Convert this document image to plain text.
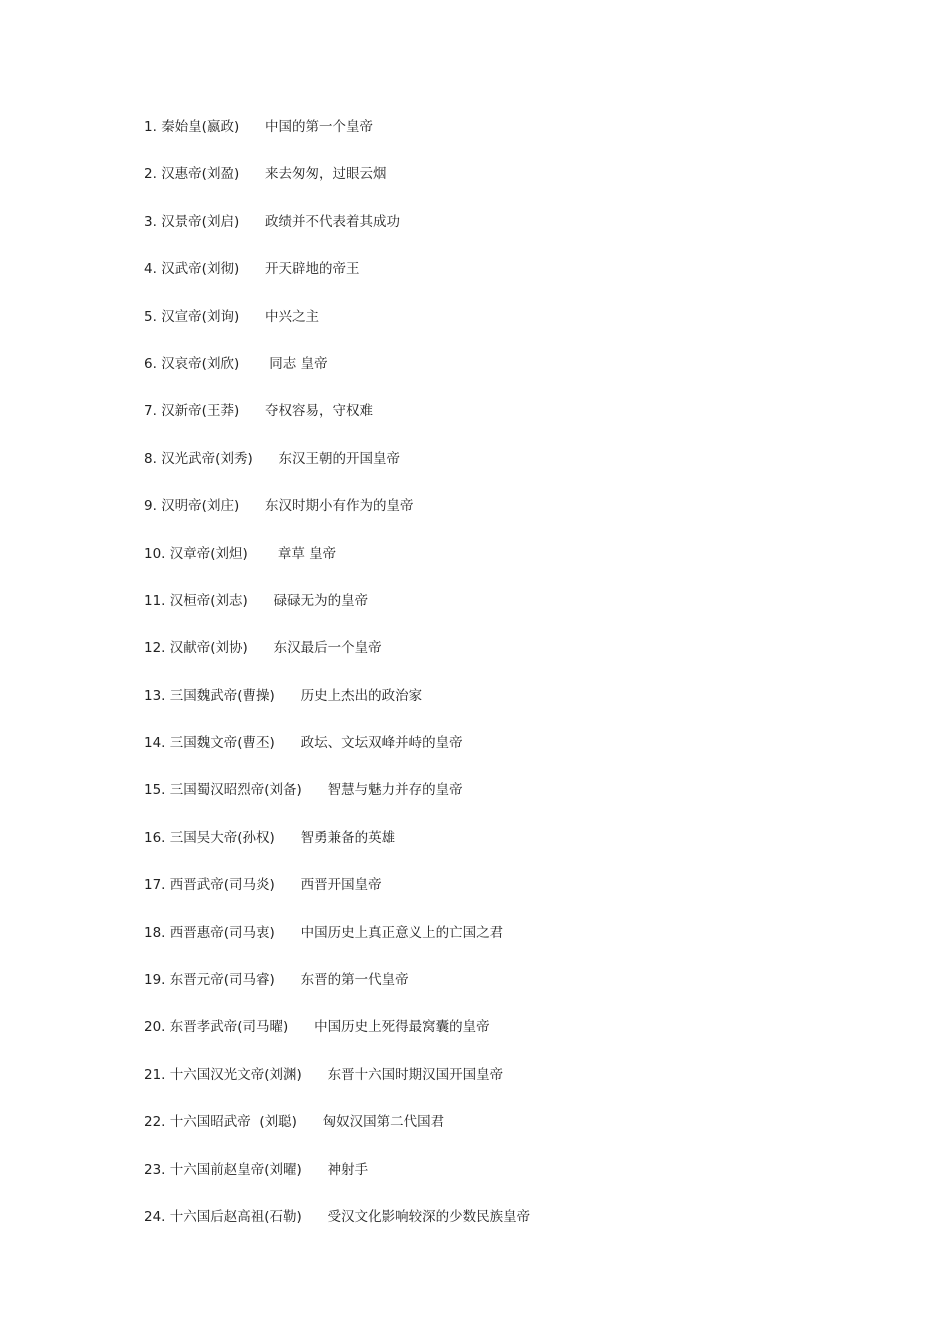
1. 秦始皇(嬴政) 中国的第一个皇帝
2. 汉惠帝(刘盈) 来去匆匆，过眼云烟
3. 汉景帝(刘启) 政绩并不代表着其成功
4. 汉武帝(刘彻) 开天辟地的帝王
5. 汉宣帝(刘询) 中兴之主
6. 汉哀帝(刘欣)       同志 皇帝
7. 汉新帝(王莽) 夺权容易，守权难
8. 汉光武帝(刘秀) 东汉王朝的开国皇帝
9. 汉明帝(刘庄) 东汉时期小有作为的皇帝
10. 汉章帝(刘炟)       章草 皇帝
11. 汉桓帝(刘志) 碌碌无为的皇帝
12. 汉献帝(刘协) 东汉最后一个皇帝
13. 三国魏武帝(曹操) 历史上杰出的政治家
14. 三国魏文帝(曹丕) 政坛、文坛双峰并峙的皇帝
15. 三国蜀汉昭烈帝(刘备) 智慧与魅力并存的皇帝
16. 三国吴大帝(孙权) 智勇兼备的英雄
17. 西晋武帝(司马炎) 西晋开国皇帝
18. 西晋惠帝(司马衷) 中国历史上真正意义上的亡国之君
19. 东晋元帝(司马睿) 东晋的第一代皇帝
20. 东晋孝武帝(司马曜) 中国历史上死得最窝囊的皇帝
21. 十六国汉光文帝(刘渊) 东晋十六国时期汉国开国皇帝
22. 十六国昭武帝  (刘聪) 匈奴汉国第二代国君
23. 十六国前赵皇帝(刘曜) 神射手
24. 十六国后赵高祖(石勒) 受汉文化影响较深的少数民族皇帝
